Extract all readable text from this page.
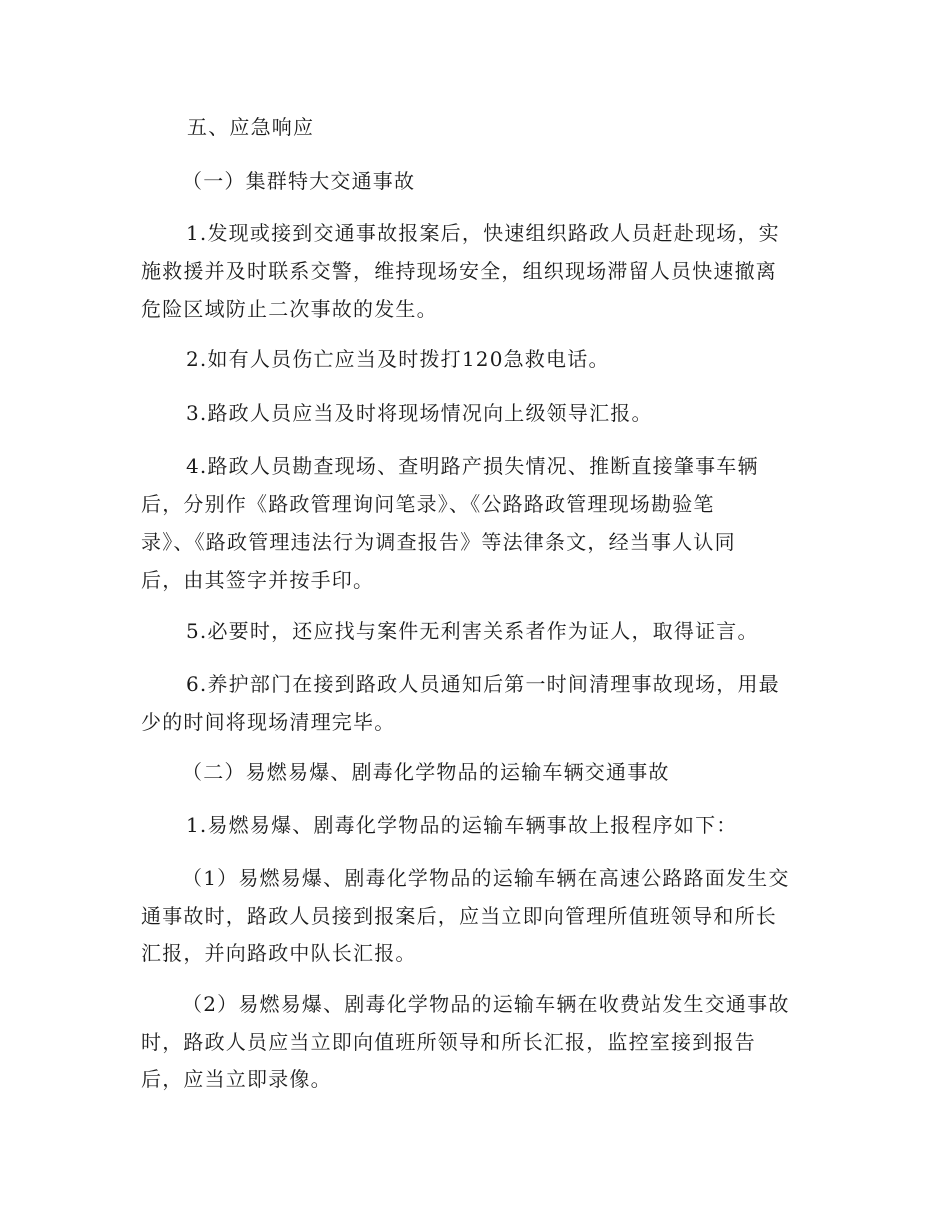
五、应急响应
（一）集群特大交通事故
1.发现或接到交通事故报案后，快速组织路政人员赶赴现场，实
施救援并及时联系交警，维持现场安全，组织现场滞留人员快速撤离
危险区域防止二次事故的发生。
2.如有人员伤亡应当及时拨打120急救电话。
3.路政人员应当及时将现场情况向上级领导汇报。
4.路政人员勘查现场、查明路产损失情况、推断直接肇事车辆
后，分别作《路政管理询问笔录》、《公路路政管理现场勘验笔
录》、《路政管理违法行为调查报告》等法律条文，经当事人认同
后，由其签字并按手印。
5.必要时，还应找与案件无利害关系者作为证人，取得证言。
6.养护部门在接到路政人员通知后第一时间清理事故现场，用最
少的时间将现场清理完毕。
（二）易燃易爆、剧毒化学物品的运输车辆交通事故
1.易燃易爆、剧毒化学物品的运输车辆事故上报程序如下：
（1）易燃易爆、剧毒化学物品的运输车辆在高速公路路面发生交
通事故时，路政人员接到报案后，应当立即向管理所值班领导和所长
汇报，并向路政中队长汇报。
（2）易燃易爆、剧毒化学物品的运输车辆在收费站发生交通事故
时，路政人员应当立即向值班所领导和所长汇报，监控室接到报告
后，应当立即录像。
